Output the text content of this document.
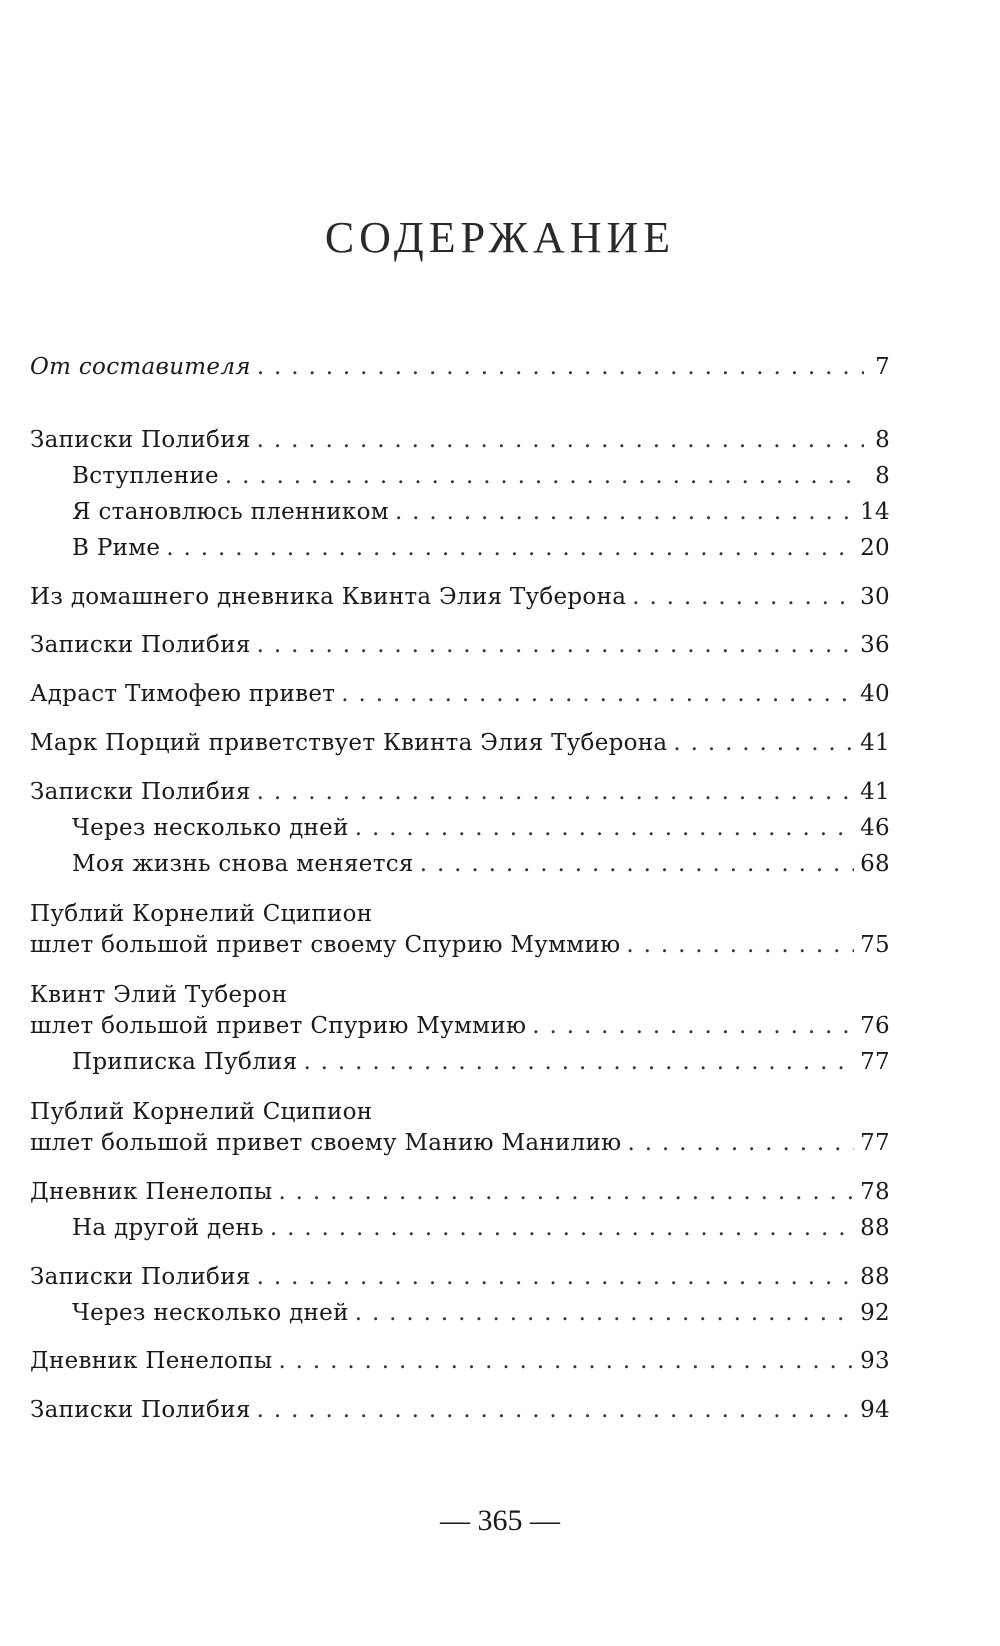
СОДЕРЖАНИЕ
От составителя . . .	7
Записки Полибия . . .	8
Вступление . . .	8
Я становлюсь пленником . . .	14
В Риме . . .	20
Из домашнего дневника Квинта Элия Туберона . . .	30
Записки Полибия . . .	36
Адраст Тимофею привет . . .	40
Марк Порций приветствует Квинта Элия Туберона . . .	41
Записки Полибия . . .	41
Через несколько дней . . .	46
Моя жизнь снова меняется . . .	68
Публий Корнелий Сципион
шлет большой привет своему Спурию Муммию . . .	75
Квинт Элий Туберон
шлет большой привет Спурию Муммию . . .	76
Приписка Публия . . .	77
Публий Корнелий Сципион
шлет большой привет своему Манию Манилию . . .	77
Дневник Пенелопы . . .	78
На другой день . . .	88
Записки Полибия . . .	88
Через несколько дней . . .	92
Дневник Пенелопы . . .	93
Записки Полибия . . .	94
— 365 —
